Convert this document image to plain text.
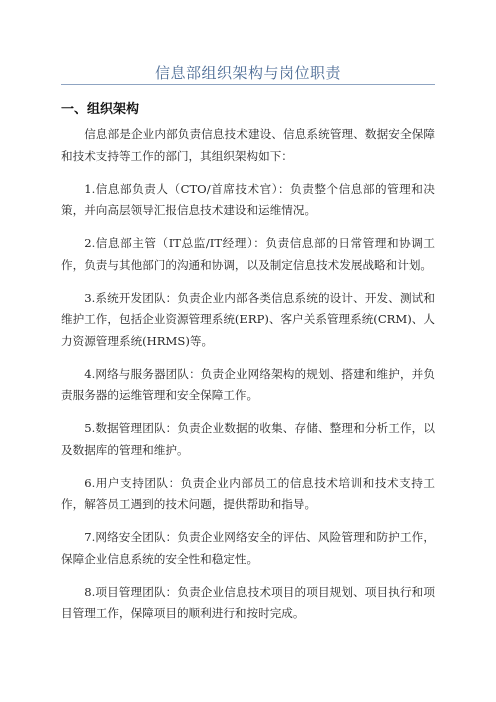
信息部组织架构与岗位职责
一、组织架构

信息部是企业内部负责信息技术建设、信息系统管理、数据安全保障和技术支持等工作的部门，其组织架构如下：

1.信息部负责人（CTO/首席技术官）：负责整个信息部的管理和决策，并向高层领导汇报信息技术建设和运维情况。

2.信息部主管（IT总监/IT经理）：负责信息部的日常管理和协调工作，负责与其他部门的沟通和协调，以及制定信息技术发展战略和计划。

3.系统开发团队：负责企业内部各类信息系统的设计、开发、测试和维护工作，包括企业资源管理系统(ERP)、客户关系管理系统(CRM)、人力资源管理系统(HRMS)等。

4.网络与服务器团队：负责企业网络架构的规划、搭建和维护，并负责服务器的运维管理和安全保障工作。

5.数据管理团队：负责企业数据的收集、存储、整理和分析工作，以及数据库的管理和维护。

6.用户支持团队：负责企业内部员工的信息技术培训和技术支持工作，解答员工遇到的技术问题，提供帮助和指导。

7.网络安全团队：负责企业网络安全的评估、风险管理和防护工作，保障企业信息系统的安全性和稳定性。

8.项目管理团队：负责企业信息技术项目的项目规划、项目执行和项目管理工作，保障项目的顺利进行和按时完成。
